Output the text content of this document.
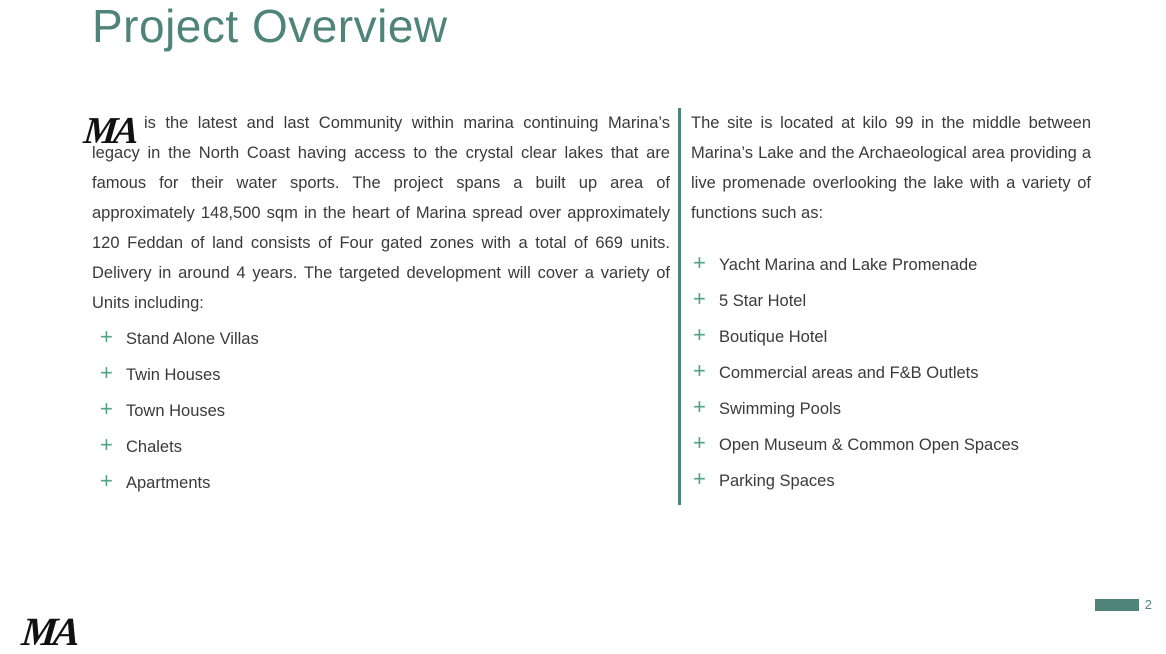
Project Overview

is the latest and last Community within marina continuing Marina’s legacy in the North Coast having access to the crystal clear lakes that are famous for their water sports. The project spans a built up area of approximately 148,500 sqm in the heart of Marina spread over approximately 120 Feddan of land consists of Four gated zones with a total of 669 units. Delivery in around 4 years. The targeted development will cover a variety of Units including:

+ Stand Alone Villas
+ Twin Houses
+ Town Houses
+ Chalets
+ Apartments

The site is located at kilo 99 in the middle between Marina’s Lake and the Archaeological area providing a live promenade overlooking the lake with a variety of functions such as:

+ Yacht Marina and Lake Promenade
+ 5 Star Hotel
+ Boutique Hotel
+ Commercial areas and F&B Outlets
+ Swimming Pools
+ Open Museum & Common Open Spaces
+ Parking Spaces
MA
2
MA
